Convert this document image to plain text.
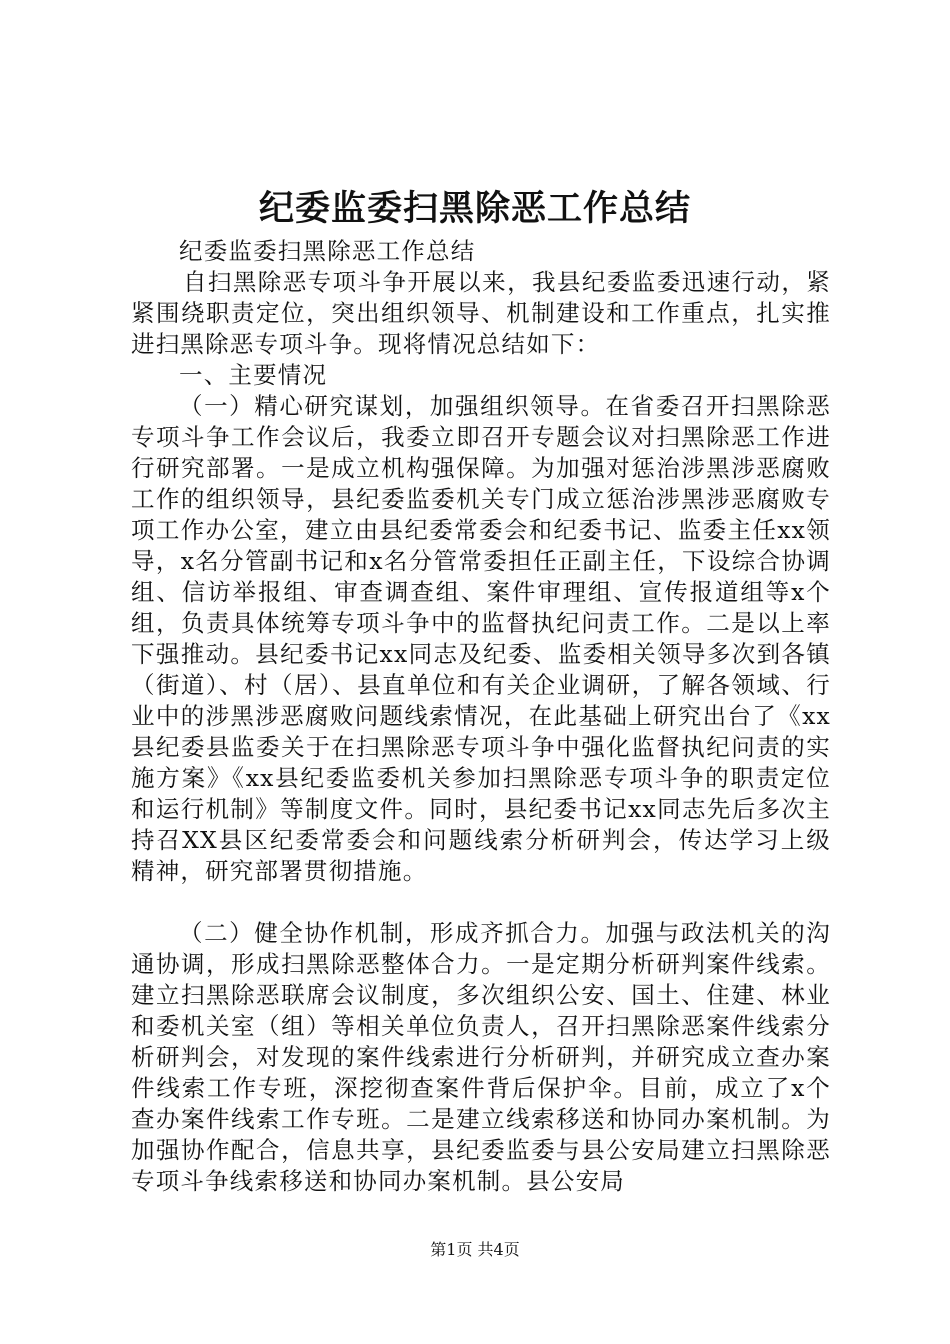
纪委监委扫黑除恶工作总结

纪委监委扫黑除恶工作总结

自扫黑除恶专项斗争开展以来，我县纪委监委迅速行动，紧紧围绕职责定位，突出组织领导、机制建设和工作重点，扎实推进扫黑除恶专项斗争。现将情况总结如下：

一、主要情况

（一）精心研究谋划，加强组织领导。在省委召开扫黑除恶专项斗争工作会议后，我委立即召开专题会议对扫黑除恶工作进行研究部署。一是成立机构强保障。为加强对惩治涉黑涉恶腐败工作的组织领导，县纪委监委机关专门成立惩治涉黑涉恶腐败专项工作办公室，建立由县纪委常委会和纪委书记、监委主任xx领导，x名分管副书记和x名分管常委担任正副主任，下设综合协调组、信访举报组、审查调查组、案件审理组、宣传报道组等x个组，负责具体统筹专项斗争中的监督执纪问责工作。二是以上率下强推动。县纪委书记xx同志及纪委、监委相关领导多次到各镇（街道）、村（居）、县直单位和有关企业调研，了解各领域、行业中的涉黑涉恶腐败问题线索情况，在此基础上研究出台了《xx县纪委县监委关于在扫黑除恶专项斗争中强化监督执纪问责的实施方案》《xx县纪委监委机关参加扫黑除恶专项斗争的职责定位和运行机制》等制度文件。同时，县纪委书记xx同志先后多次主持召XX县区纪委常委会和问题线索分析研判会，传达学习上级精神，研究部署贯彻措施。

（二）健全协作机制，形成齐抓合力。加强与政法机关的沟通协调，形成扫黑除恶整体合力。一是定期分析研判案件线索。建立扫黑除恶联席会议制度，多次组织公安、国土、住建、林业和委机关室（组）等相关单位负责人，召开扫黑除恶案件线索分析研判会，对发现的案件线索进行分析研判，并研究成立查办案件线索工作专班，深挖彻查案件背后保护伞。目前，成立了x个查办案件线索工作专班。二是建立线索移送和协同办案机制。为加强协作配合，信息共享，县纪委监委与县公安局建立扫黑除恶专项斗争线索移送和协同办案机制。县公安局

第1页 共4页
